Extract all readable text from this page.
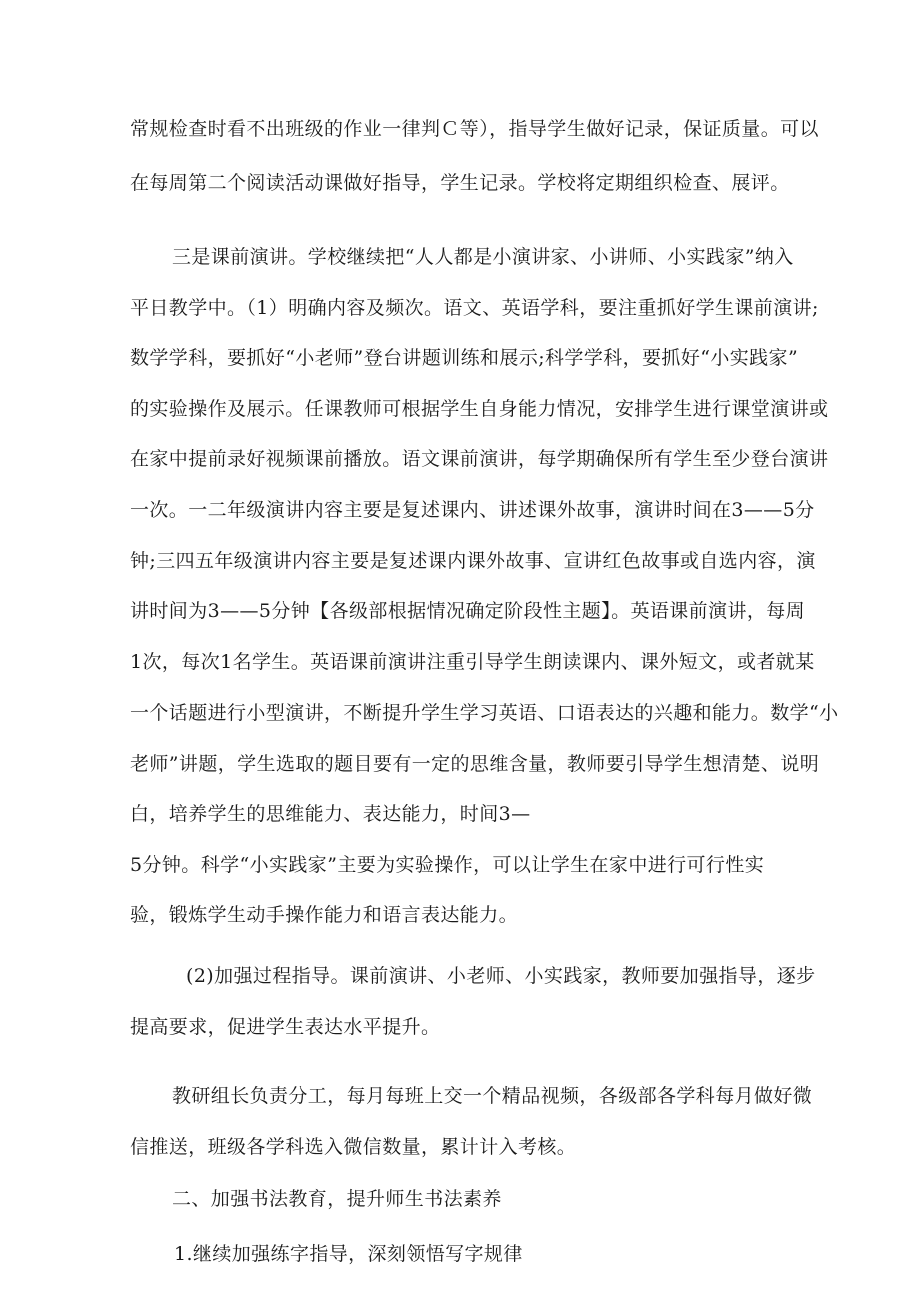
常规检查时看不出班级的作业一律判Ｃ等），指导学生做好记录，保证质量。可以
在每周第二个阅读活动课做好指导，学生记录。学校将定期组织检查、展评。
三是课前演讲。学校继续把“人人都是小演讲家、小讲师、小实践家”纳入
平日教学中。（1）明确内容及频次。语文、英语学科，要注重抓好学生课前演讲;
数学学科，要抓好“小老师”登台讲题训练和展示;科学学科，要抓好“小实践家”
的实验操作及展示。任课教师可根据学生自身能力情况，安排学生进行课堂演讲或
在家中提前录好视频课前播放。语文课前演讲，每学期确保所有学生至少登台演讲
一次。一二年级演讲内容主要是复述课内、讲述课外故事，演讲时间在3——5分
钟;三四五年级演讲内容主要是复述课内课外故事、宣讲红色故事或自选内容，演
讲时间为3——5分钟【各级部根据情况确定阶段性主题】。英语课前演讲，每周
1次，每次1名学生。英语课前演讲注重引导学生朗读课内、课外短文，或者就某
一个话题进行小型演讲，不断提升学生学习英语、口语表达的兴趣和能力。数学“小
老师”讲题，学生选取的题目要有一定的思维含量，教师要引导学生想清楚、说明
白，培养学生的思维能力、表达能力，时间3—
5分钟。科学“小实践家”主要为实验操作，可以让学生在家中进行可行性实
验，锻炼学生动手操作能力和语言表达能力。
(2)加强过程指导。课前演讲、小老师、小实践家，教师要加强指导，逐步
提高要求，促进学生表达水平提升。
教研组长负责分工，每月每班上交一个精品视频，各级部各学科每月做好微
信推送，班级各学科选入微信数量，累计计入考核。
二、加强书法教育，提升师生书法素养
1.继续加强练字指导，深刻领悟写字规律
